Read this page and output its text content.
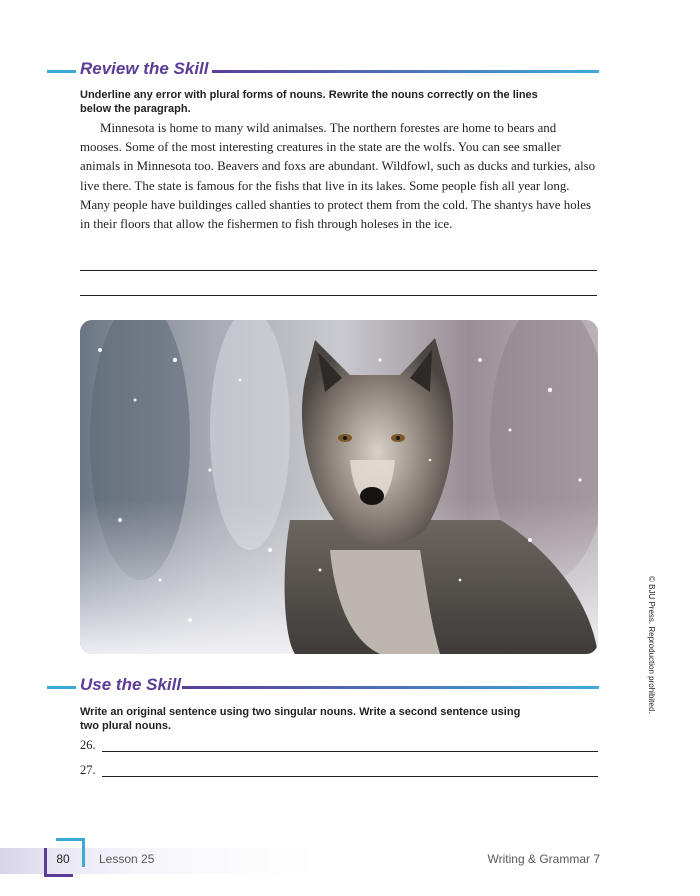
Review the Skill

Underline any error with plural forms of nouns. Rewrite the nouns correctly on the lines below the paragraph.

Minnesota is home to many wild animalses. The northern forestes are home to bears and mooses. Some of the most interesting creatures in the state are the wolfs. You can see smaller animals in Minnesota too. Beavers and foxs are abundant. Wildfowl, such as ducks and turkies, also live there. The state is famous for the fishs that live in its lakes. Some people fish all year long. Many people have buildinges called shanties to protect them from the cold. The shantys have holes in their floors that allow the fishermen to fish through holeses in the ice.

Use the Skill

Write an original sentence using two singular nouns. Write a second sentence using two plural nouns.

26.
27.
© BJU Press. Reproduction prohibited.
80	Lesson 25	Writing & Grammar 7
